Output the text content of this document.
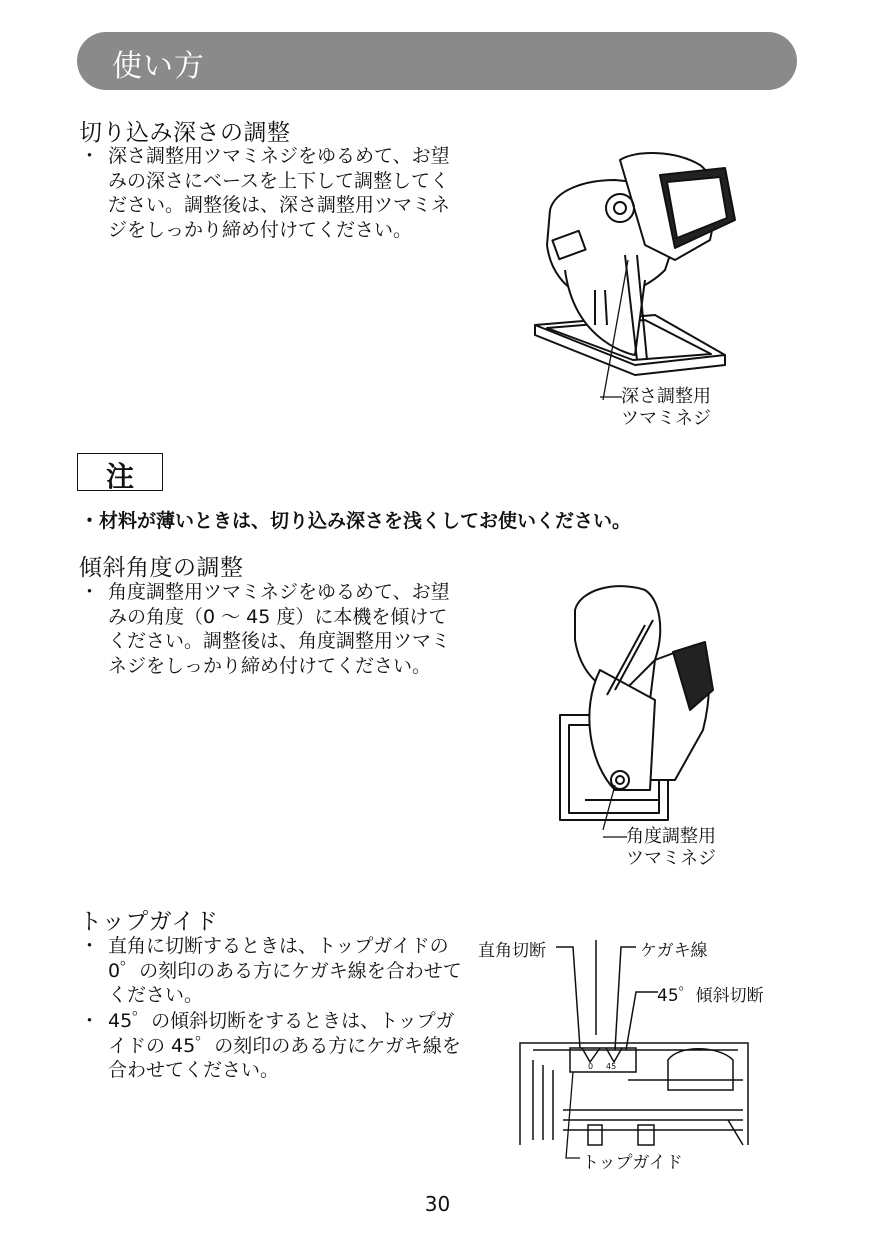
使い方
切り込み深さの調整
・ 深さ調整用ツマミネジをゆるめて、お望みの深さにベースを上下して調整してください。調整後は、深さ調整用ツマミネジをしっかり締め付けてください。
深さ調整用
ツマミネジ
注
・材料が薄いときは、切り込み深さを浅くしてお使いください。
傾斜角度の調整
・ 角度調整用ツマミネジをゆるめて、お望みの角度（0 〜 45 度）に本機を傾けてください。調整後は、角度調整用ツマミネジをしっかり締め付けてください。
角度調整用
ツマミネジ
トップガイド
・ 直角に切断するときは、トップガイドの0゜の刻印のある方にケガキ線を合わせてください。
・ 45゜の傾斜切断をするときは、トップガイドの 45゜の刻印のある方にケガキ線を合わせてください。
直角切断	ケガキ線
45゜傾斜切断
0 45
トップガイド
30
